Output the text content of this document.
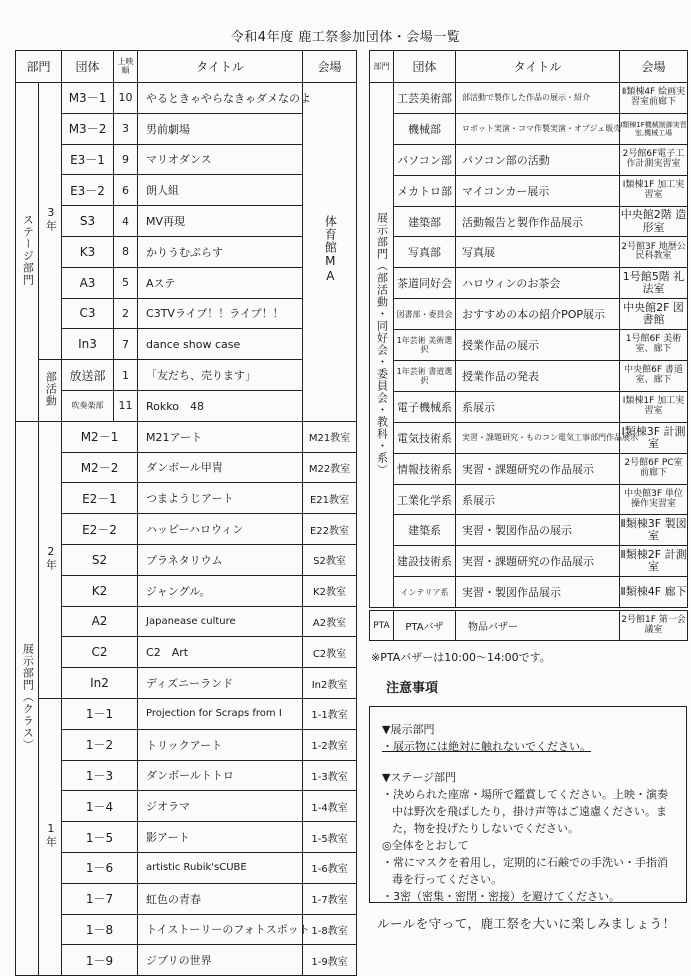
令和4年度 鹿工祭参加団体・会場一覧
部門		団体	上映順	タイトル	会場
ステージ部門	3年	M3－1	10	やるときゃやらなきゃダメなのよ	体育館MA
		M3－2	3	男前劇場	
		E3－1	9	マリオダンス	
		E3－2	6	朗人組	
		S3	4	MV再現	
		K3	8	かりうむぷらす	
		A3	5	Aステ	
		C3	2	C3TVライブ！！ライブ！！	
		In3	7	dance show case	
	部活動	放送部	1	「友だち、売ります」	
		吹奏楽部	11	Rokko　48	
展示部門（クラス）	2年	M2－1		M21アート	M21教室
		M2－2		ダンボール甲冑	M22教室
		E2－1		つまようじアート	E21教室
		E2－2		ハッピーハロウィン	E22教室
		S2		プラネタリウム	S2教室
		K2		ジャングル。	K2教室
		A2		Japanease culture	A2教室
		C2		C2　Art	C2教室
		In2		ディズニーランド	In2教室
	1年	1－1		Projection for Scraps from I	1-1教室
		1－2		トリックアート	1-2教室
		1－3		ダンボールトトロ	1-3教室
		1－4		ジオラマ	1-4教室
		1－5		影アート	1-5教室
		1－6		artistic Rubik'sCUBE	1-6教室
		1－7		虹色の青春	1-7教室
		1－8		トイストーリーのフォトスポット	1-8教室
		1－9		ジブリの世界	1-9教室
部門	団体	タイトル	会場
展示部門（部活動・同好会・委員会・教科・系）	工芸美術部	部活動で製作した作品の展示・紹介	Ⅱ類棟4F 絵画実習室前廊下
	機械部	ロボット実演・コマ作製実演・オブジェ販売	Ⅰ類棟1F機械制御実習室,機械工場
	パソコン部	パソコン部の活動	2号館6F電子工作計測実習室
	メカトロ部	マイコンカー展示	Ⅰ類棟1F 加工実習室
	建築部	活動報告と製作作品展示	中央館2階 造形室
	写真部	写真展	2号館3F 地歴公民科教室
	茶道同好会	ハロウィンのお茶会	1号館5階 礼法室
	図書部・委員会	おすすめの本の紹介POP展示	中央館2F 図書館
	1年芸術 美術選択	授業作品の展示	1号館6F 美術室、廊下
	1年芸術 書道選択	授業作品の発表	中央館6F 書道室、廊下
	電子機械系	系展示	Ⅰ類棟1F 加工実習室
	電気技術系	実習・課題研究・ものコン電気工事部門作品展示	Ⅰ類棟3F 計測室
	情報技術系	実習・課題研究の作品展示	2号館6F PC室前廊下
	工業化学系	系展示	中央館3F 単位操作実習室
	建築系	実習・製図作品の展示	Ⅱ類棟3F 製図室
	建設技術系	実習・課題研究の作品展示	Ⅱ類棟2F 計測室
	インテリア系	実習・製図作品展示	Ⅱ類棟4F 廊下
PTA	PTAバザ	物品バザー	2号館1F 第一会議室
※PTAバザーは10:00～14:00です。
注意事項
▼展示部門
・展示物には絶対に触れないでください。
▼ステージ部門
・決められた座席・場所で鑑賞してください。上映・演奏中は野次を飛ばしたり，掛け声等はご遠慮ください。また，物を投げたりしないでください。
◎全体をとおして
・常にマスクを着用し，定期的に石鹸での手洗い・手指消毒を行ってください。
・3密（密集・密閉・密接）を避けてください。
ルールを守って，鹿工祭を大いに楽しみましょう！
